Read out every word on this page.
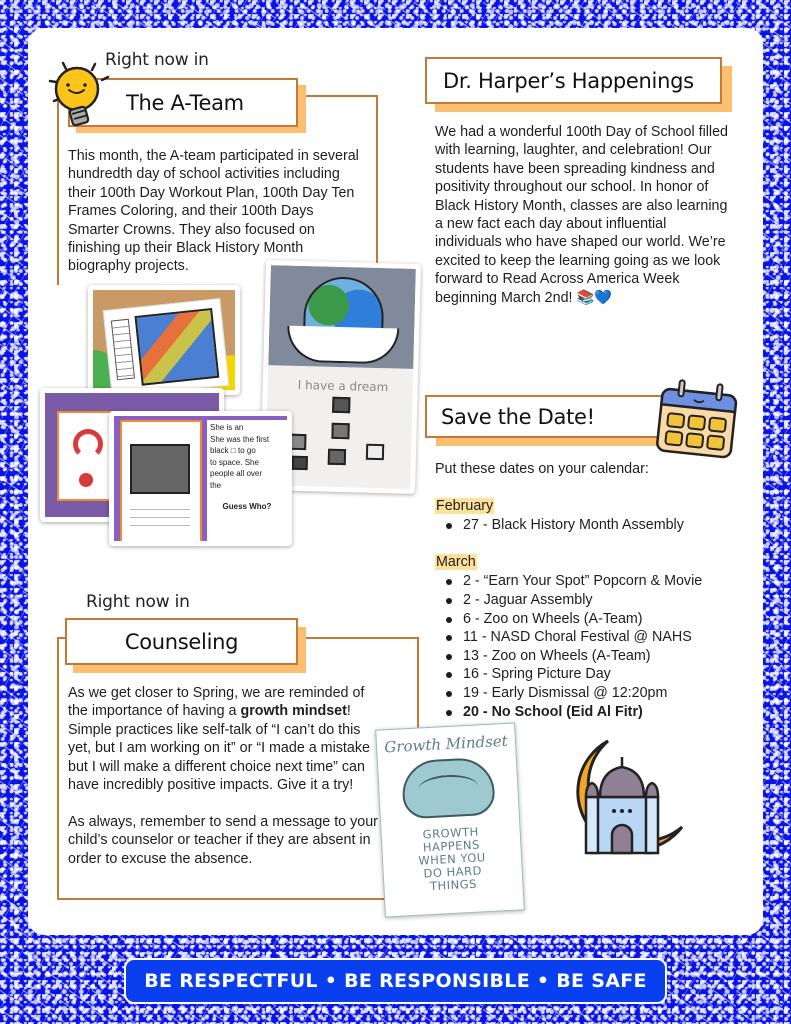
Right now in
The A-Team
This month, the A-team participated in several hundredth day of school activities including their 100th Day Workout Plan, 100th Day Ten Frames Coloring, and their 100th Days Smarter Crowns. They also focused on finishing up their Black History Month biography projects.
I have a dream
She is an
She was the first
black □ to go
to space. She
people all over
the
Guess Who?
Dr. Harper’s Happenings
We had a wonderful 100th Day of School filled with learning, laughter, and celebration! Our students have been spreading kindness and positivity throughout our school. In honor of Black History Month, classes are also learning a new fact each day about influential individuals who have shaped our world. We’re excited to keep the learning going as we look forward to Read Across America Week beginning March 2nd! 📚💙
Save the Date!
Put these dates on your calendar:
February
27 - Black History Month Assembly
March
2 - “Earn Your Spot” Popcorn & Movie
2 - Jaguar Assembly
6 - Zoo on Wheels (A-Team)
11 - NASD Choral Festival @ NAHS
13 - Zoo on Wheels (A-Team)
16 - Spring Picture Day
19 - Early Dismissal @ 12:20pm
20 - No School (Eid Al Fitr)
Right now in
Counseling
As we get closer to Spring, we are reminded of the importance of having a growth mindset! Simple practices like self-talk of “I can’t do this yet, but I am working on it” or “I made a mistake but I will make a different choice next time” can have incredibly positive impacts. Give it a try!
As always, remember to send a message to your child’s counselor or teacher if they are absent in order to excuse the absence.
Growth Mindset
GROWTH
HAPPENS
WHEN YOU
DO HARD
THINGS
BE RESPECTFUL • BE RESPONSIBLE • BE SAFE
